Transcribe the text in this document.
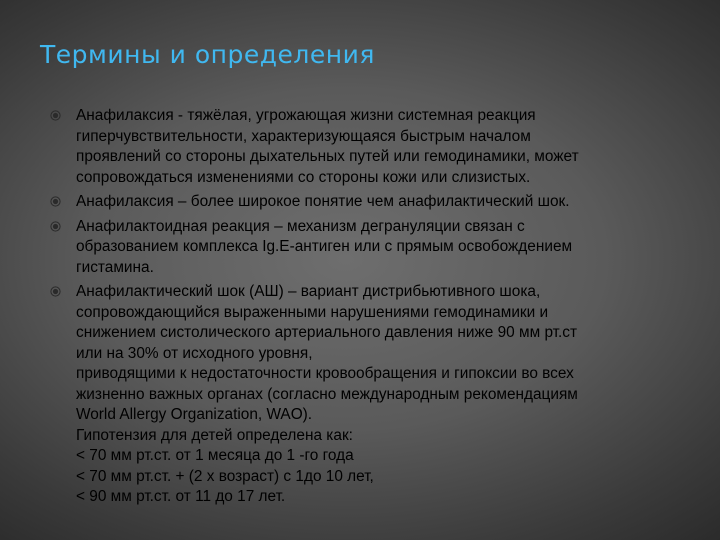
Термины и определения
Анафилаксия - тяжёлая, угрожающая жизни системная реакция
гиперчувствительности, характеризующаяся быстрым началом
проявлений со стороны дыхательных путей или гемодинамики, может
сопровождаться изменениями со стороны кожи или слизистых.
Анафилаксия – более широкое понятие чем анафилактический шок.
Анафилактоидная реакция – механизм дегрануляции связан с
образованием комплекса Ig.E-антиген или с прямым освобождением
гистамина.
Анафилактический шок (АШ) – вариант дистрибьютивного шока,
сопровождающийся выраженными нарушениями гемодинамики и
снижением систолического артериального давления ниже 90 мм рт.ст
или на 30% от исходного уровня,
приводящими к недостаточности кровообращения и гипоксии во всех
жизненно важных органах (согласно международным рекомендациям
World Allergy Organization, WAO).
Гипотензия для детей определена как:
< 70 мм рт.ст. от 1 месяца до 1 -го года
< 70 мм рт.ст. + (2 х возраст) с 1до 10 лет,
< 90 мм рт.ст. от 11 до 17 лет.
